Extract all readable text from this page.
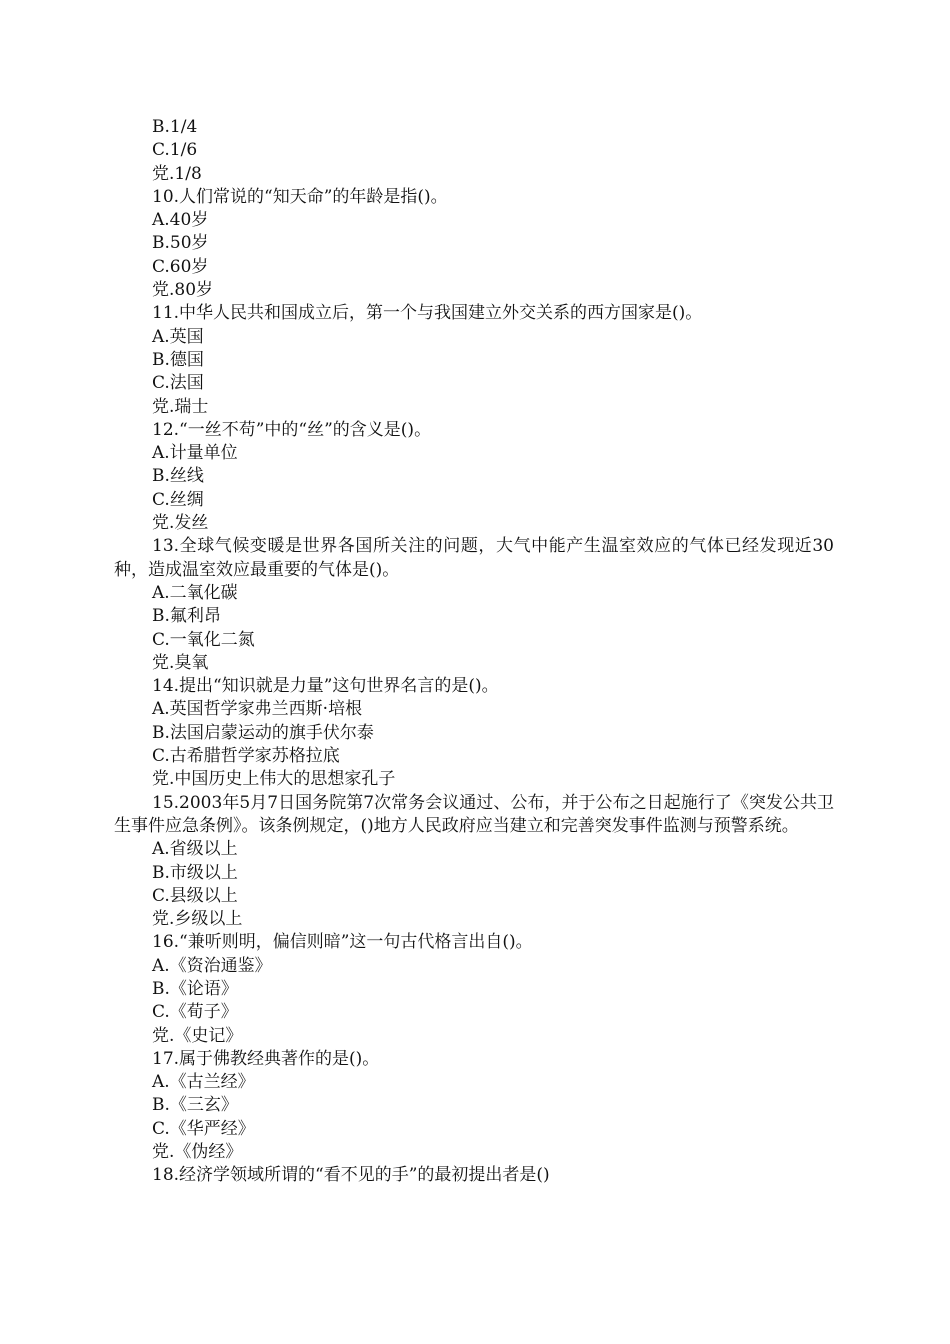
B.1/4

C.1/6

党.1/8

10.人们常说的“知天命”的年龄是指()。

A.40岁

B.50岁

C.60岁

党.80岁

11.中华人民共和国成立后，第一个与我国建立外交关系的西方国家是()。

A.英国

B.德国

C.法国

党.瑞士

12.“一丝不苟”中的“丝”的含义是()。

A.计量单位

B.丝线

C.丝绸

党.发丝

13.全球气候变暖是世界各国所关注的问题，大气中能产生温室效应的气体已经发现近30种，造成温室效应最重要的气体是()。

A.二氧化碳

B.氟利昂

C.一氧化二氮

党.臭氧

14.提出“知识就是力量”这句世界名言的是()。

A.英国哲学家弗兰西斯·培根

B.法国启蒙运动的旗手伏尔泰

C.古希腊哲学家苏格拉底

党.中国历史上伟大的思想家孔子

15.2003年5月7日国务院第7次常务会议通过、公布，并于公布之日起施行了《突发公共卫生事件应急条例》。该条例规定，()地方人民政府应当建立和完善突发事件监测与预警系统。

A.省级以上

B.市级以上

C.县级以上

党.乡级以上

16.“兼听则明，偏信则暗”这一句古代格言出自()。

A.《资治通鉴》

B.《论语》

C.《荀子》

党.《史记》

17.属于佛教经典著作的是()。

A.《古兰经》

B.《三玄》

C.《华严经》

党.《伪经》

18.经济学领域所谓的“看不见的手”的最初提出者是()
